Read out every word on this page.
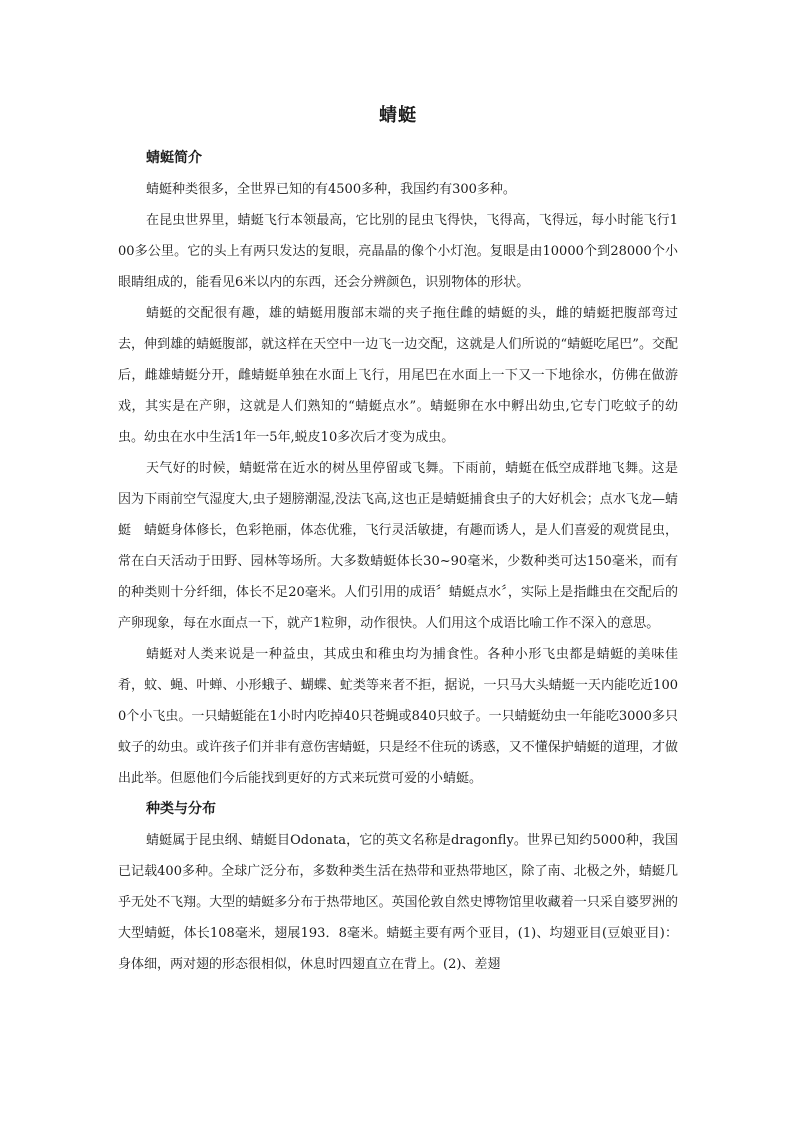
蜻蜓
蜻蜓简介

蜻蜓种类很多，全世界已知的有4500多种，我国约有300多种。

在昆虫世界里，蜻蜓飞行本领最高，它比别的昆虫飞得快，飞得高，飞得远，每小时能飞行100多公里。它的头上有两只发达的复眼，亮晶晶的像个小灯泡。复眼是由10000个到28000个小眼睛组成的，能看见6米以内的东西，还会分辨颜色，识别物体的形状。

蜻蜓的交配很有趣，雄的蜻蜓用腹部末端的夹子拖住雌的蜻蜓的头，雌的蜻蜓把腹部弯过去，伸到雄的蜻蜓腹部，就这样在天空中一边飞一边交配，这就是人们所说的“蜻蜓吃尾巴”。交配后，雌雄蜻蜓分开，雌蜻蜓单独在水面上飞行，用尾巴在水面上一下又一下地徐水，仿佛在做游戏，其实是在产卵，这就是人们熟知的“蜻蜓点水”。蜻蜓卵在水中孵出幼虫,它专门吃蚊子的幼虫。幼虫在水中生活1年一5年,蜕皮10多次后才变为成虫。

天气好的时候，蜻蜓常在近水的树丛里停留或飞舞。下雨前，蜻蜓在低空成群地飞舞。这是因为下雨前空气湿度大,虫子翅膀潮湿,没法飞高,这也正是蜻蜓捕食虫子的大好机会；点水飞龙—蜻蜓　蜻蜓身体修长，色彩艳丽，体态优雅，飞行灵活敏捷，有趣而诱人，是人们喜爱的观赏昆虫，常在白天活动于田野、园林等场所。大多数蜻蜓体长30~90毫米，少数种类可达150毫米，而有的种类则十分纤细，体长不足20毫米。人们引用的成语〞蜻蜓点水〞，实际上是指雌虫在交配后的产卵现象，每在水面点一下，就产1粒卵，动作很快。人们用这个成语比喻工作不深入的意思。

蜻蜓对人类来说是一种益虫，其成虫和稚虫均为捕食性。各种小形飞虫都是蜻蜓的美味佳肴，蚊、蝇、叶蝉、小形蛾子、蝴蝶、虻类等来者不拒，据说，一只马大头蜻蜓一天内能吃近1000个小飞虫。一只蜻蜓能在1小时内吃掉40只苍蝇或840只蚊子。一只蜻蜓幼虫一年能吃3000多只蚊子的幼虫。或许孩子们并非有意伤害蜻蜓，只是经不住玩的诱惑，又不懂保护蜻蜓的道理，才做出此举。但愿他们今后能找到更好的方式来玩赏可爱的小蜻蜓。

种类与分布

蜻蜓属于昆虫纲、蜻蜓目Odonata，它的英文名称是dragonfly。世界已知约5000种，我国已记载400多种。全球广泛分布，多数种类生活在热带和亚热带地区，除了南、北极之外，蜻蜓几乎无处不飞翔。大型的蜻蜓多分布于热带地区。英国伦敦自然史博物馆里收藏着一只采自婆罗洲的大型蜻蜓，体长108毫米，翅展193．8毫米。蜻蜓主要有两个亚目，(1)、均翅亚目(豆娘亚目)：身体细，两对翅的形态很相似，休息时四翅直立在背上。(2)、差翅
